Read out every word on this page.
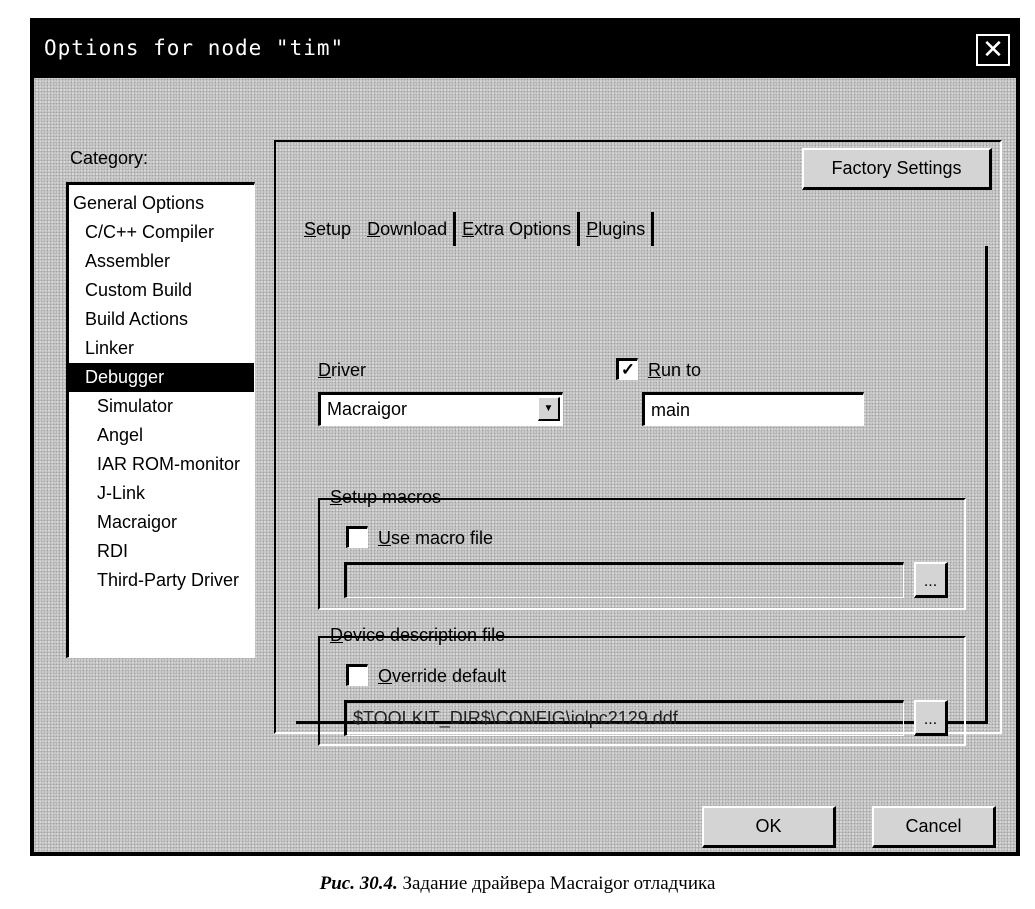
Options for node "tim"	✕
Category:
General Options
C/C++ Compiler
Assembler
Custom Build
Build Actions
Linker
Debugger
Simulator
Angel
IAR ROM-monitor
J-Link
Macraigor
RDI
Third-Party Driver
Factory Settings
Setup Download Extra Options Plugins
Driver
Macraigor	▼
✓ Run to
main
Setup macros
Use macro file
...
Device description file
Override default
$TOOLKIT_DIR$\CONFIG\iolpc2129.ddf	...
OK	Cancel
Рис. 30.4. Задание драйвера Macraigor отладчика
